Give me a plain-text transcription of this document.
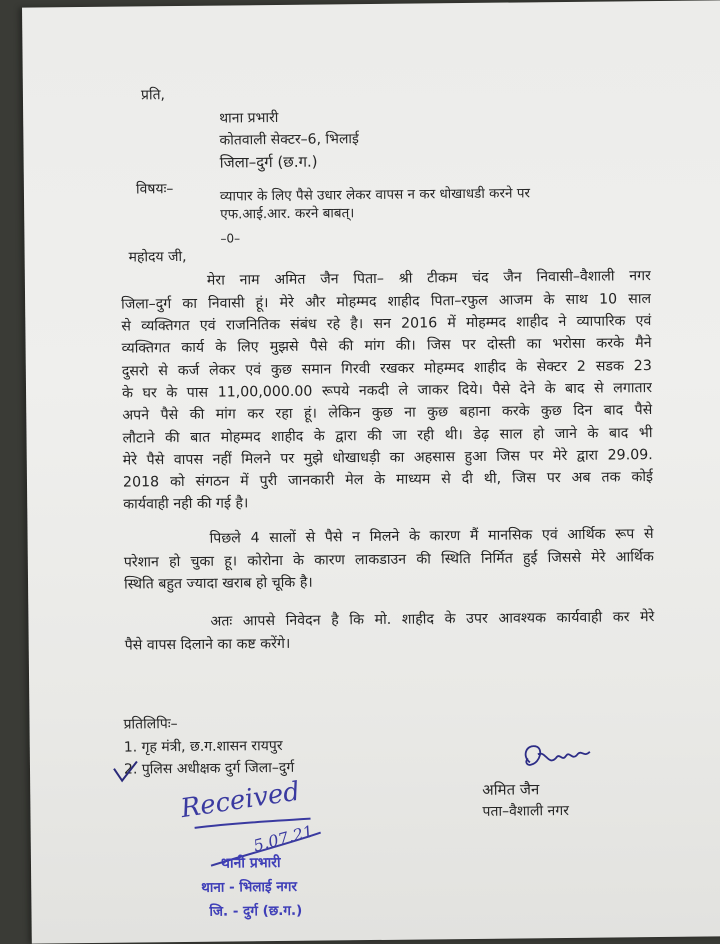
प्रति,
थाना प्रभारी
कोतवाली सेक्टर–6, भिलाई
जिला–दुर्ग (छ.ग.)
विषयः–	व्यापार के लिए पैसे उधार लेकर वापस न कर धोखाधडी करने पर
एफ.आई.आर. करने बाबत्।
–0–
महोदय जी,
मेरा नाम अमित जैन पिता– श्री टीकम चंद जैन निवासी–वैशाली नगर
जिला–दुर्ग का निवासी हूं। मेरे और मोहम्मद शाहीद पिता–रफुल आजम के साथ 10 साल
से व्यक्तिगत एवं राजनितिक संबंध रहे है। सन 2016 में मोहम्मद शाहीद ने व्यापारिक एवं
व्यक्तिगत कार्य के लिए मुझसे पैसे की मांग की। जिस पर दोस्ती का भरोसा करके मैने
दुसरो से कर्ज लेकर एवं कुछ समान गिरवी रखकर मोहम्मद शाहीद के सेक्टर 2 सडक 23
के घर के पास 11,00,000.00 रूपये नकदी ले जाकर दिये। पैसे देने के बाद से लगातार
अपने पैसे की मांग कर रहा हूं। लेकिन कुछ ना कुछ बहाना करके कुछ दिन बाद पैसे
लौटाने की बात मोहम्मद शाहीद के द्वारा की जा रही थी। डेढ़ साल हो जाने के बाद भी
मेरे पैसे वापस नहीं मिलने पर मुझे धोखाधड़ी का अहसास हुआ जिस पर मेरे द्वारा 29.09.
2018 को संगठन में पुरी जानकारी मेल के माध्यम से दी थी, जिस पर अब तक कोई
कार्यवाही नही की गई है।
पिछले 4 सालों से पैसे न मिलने के कारण मैं मानसिक एवं आर्थिक रूप से
परेशान हो चुका हू। कोरोना के कारण लाकडाउन की स्थिति निर्मित हुई जिससे मेरे आर्थिक
स्थिति बहुत ज्यादा खराब हो चूकि है।
अतः आपसे निवेदन है कि मो. शाहीद के उपर आवश्यक कार्यवाही कर मेरे
पैसे वापस दिलाने का कष्ट करेंगे।
प्रतिलिपिः–
1. गृह मंत्री, छ.ग.शासन रायपुर
2. पुलिस अधीक्षक दुर्ग जिला–दुर्ग
अमित जैन
पता–वैशाली नगर
Received
5.07.21
थानी प्रभारी
थाना - भिलाई नगर
जि. - दुर्ग (छ.ग.)
